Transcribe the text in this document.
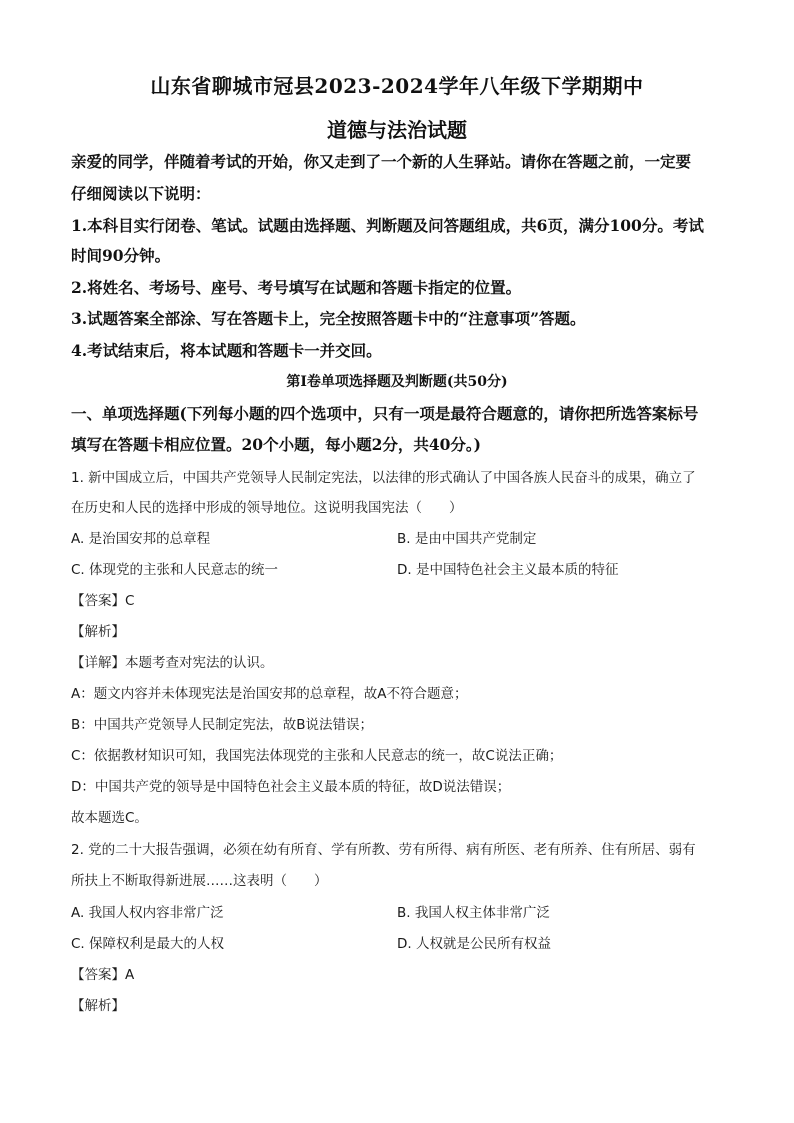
山东省聊城市冠县2023-2024学年八年级下学期期中
道德与法治试题
亲爱的同学，伴随着考试的开始，你又走到了一个新的人生驿站。请你在答题之前，一定要
仔细阅读以下说明：
1.本科目实行闭卷、笔试。试题由选择题、判断题及问答题组成，共6页，满分100分。考试
时间90分钟。
2.将姓名、考场号、座号、考号填写在试题和答题卡指定的位置。
3.试题答案全部涂、写在答题卡上，完全按照答题卡中的“注意事项”答题。
4.考试结束后，将本试题和答题卡一并交回。
第Ⅰ卷单项选择题及判断题(共50分)
一、单项选择题(下列每小题的四个选项中，只有一项是最符合题意的，请你把所选答案标号
填写在答题卡相应位置。20个小题，每小题2分，共40分。)
1. 新中国成立后，中国共产党领导人民制定宪法，以法律的形式确认了中国各族人民奋斗的成果，确立了
在历史和人民的选择中形成的领导地位。这说明我国宪法（　　）
A. 是治国安邦的总章程	B. 是由中国共产党制定
C. 体现党的主张和人民意志的统一	D. 是中国特色社会主义最本质的特征
【答案】C
【解析】
【详解】本题考查对宪法的认识。
A：题文内容并未体现宪法是治国安邦的总章程，故A不符合题意；
B：中国共产党领导人民制定宪法，故B说法错误；
C：依据教材知识可知，我国宪法体现党的主张和人民意志的统一，故C说法正确；
D：中国共产党的领导是中国特色社会主义最本质的特征，故D说法错误；
故本题选C。
2. 党的二十大报告强调，必须在幼有所育、学有所教、劳有所得、病有所医、老有所养、住有所居、弱有
所扶上不断取得新进展……这表明（　　）
A. 我国人权内容非常广泛	B. 我国人权主体非常广泛
C. 保障权利是最大的人权	D. 人权就是公民所有权益
【答案】A
【解析】
